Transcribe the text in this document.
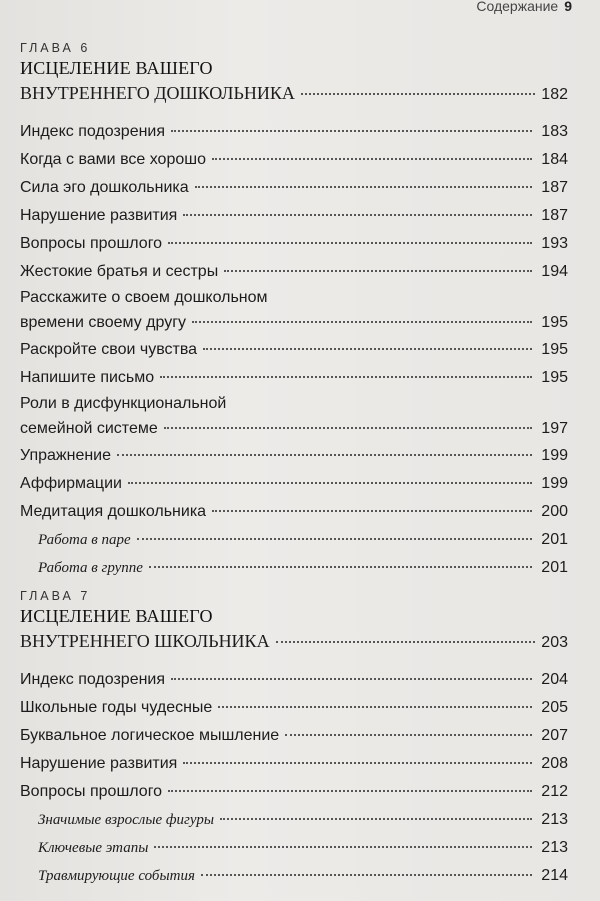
Содержание 9
ГЛАВА 6
ИСЦЕЛЕНИЕ ВАШЕГО
ВНУТРЕННЕГО ДОШКОЛЬНИКА	182
Индекс подозрения	183
Когда с вами все хорошо	184
Сила эго дошкольника	187
Нарушение развития	187
Вопросы прошлого	193
Жестокие братья и сестры	194
Расскажите о своем дошкольном
времени своему другу	195
Раскройте свои чувства	195
Напишите письмо	195
Роли в дисфункциональной
семейной системе	197
Упражнение	199
Аффирмации	199
Медитация дошкольника	200
Работа в паре	201
Работа в группе	201
ГЛАВА 7
ИСЦЕЛЕНИЕ ВАШЕГО
ВНУТРЕННЕГО ШКОЛЬНИКА	203
Индекс подозрения	204
Школьные годы чудесные	205
Буквальное логическое мышление	207
Нарушение развития	208
Вопросы прошлого	212
Значимые взрослые фигуры	213
Ключевые этапы	213
Травмирующие события	214
